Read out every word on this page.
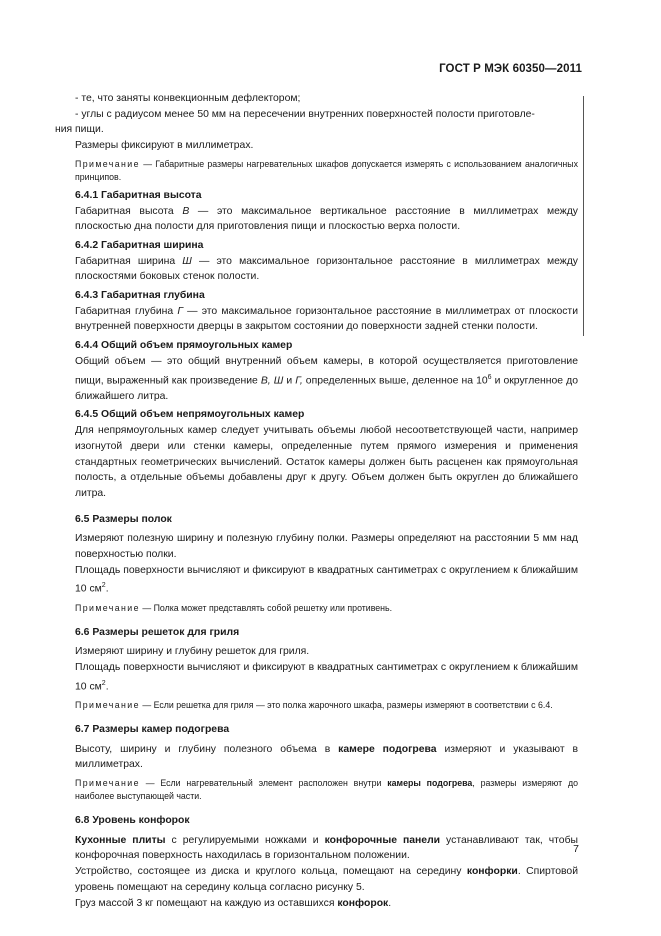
ГОСТ Р МЭК 60350—2011

- те, что заняты конвекционным дефлектором;

- углы с радиусом менее 50 мм на пересечении внутренних поверхностей полости приготовле-
ния пищи.

Размеры фиксируют в миллиметрах.

Примечание — Габаритные размеры нагревательных шкафов допускается измерять с использованием аналогичных принципов.

6.4.1 Габаритная высота

Габаритная высота В — это максимальное вертикальное расстояние в миллиметрах между плоскостью дна полости для приготовления пищи и плоскостью верха полости.

6.4.2 Габаритная ширина

Габаритная ширина Ш — это максимальное горизонтальное расстояние в миллиметрах между плоскостями боковых стенок полости.

6.4.3 Габаритная глубина

Габаритная глубина Г — это максимальное горизонтальное расстояние в миллиметрах от плоскости внутренней поверхности дверцы в закрытом состоянии до поверхности задней стенки полости.

6.4.4 Общий объем прямоугольных камер

Общий объем — это общий внутренний объем камеры, в которой осуществляется приготовление пищи, выраженный как произведение В, Ш и Г, определенных выше, деленное на $10^6$ и округленное до ближайшего литра.

6.4.5 Общий объем непрямоугольных камер

Для непрямоугольных камер следует учитывать объемы любой несоответствующей части, например изогнутой двери или стенки камеры, определенные путем прямого измерения и применения стандартных геометрических вычислений. Остаток камеры должен быть расценен как прямоугольная полость, а отдельные объемы добавлены друг к другу. Объем должен быть округлен до ближайшего литра.

6.5 Размеры полок

Измеряют полезную ширину и полезную глубину полки. Размеры определяют на расстоянии 5 мм над поверхностью полки.

Площадь поверхности вычисляют и фиксируют в квадратных сантиметрах с округлением к ближайшим 10 $см^2$.

Примечание — Полка может представлять собой решетку или противень.

6.6 Размеры решеток для гриля

Измеряют ширину и глубину решеток для гриля.

Площадь поверхности вычисляют и фиксируют в квадратных сантиметрах с округлением к ближайшим 10 $см^2$.

Примечание — Если решетка для гриля — это полка жарочного шкафа, размеры измеряют в соответствии с 6.4.

6.7 Размеры камер подогрева

Высоту, ширину и глубину полезного объема в камере подогрева измеряют и указывают в миллиметрах.

Примечание — Если нагревательный элемент расположен внутри камеры подогрева, размеры измеряют до наиболее выступающей части.

6.8 Уровень конфорок

Кухонные плиты с регулируемыми ножками и конфорочные панели устанавливают так, чтобы конфорочная поверхность находилась в горизонтальном положении.

Устройство, состоящее из диска и круглого кольца, помещают на середину конфорки. Спиртовой уровень помещают на середину кольца согласно рисунку 5.

Груз массой 3 кг помещают на каждую из оставшихся конфорок.

7
